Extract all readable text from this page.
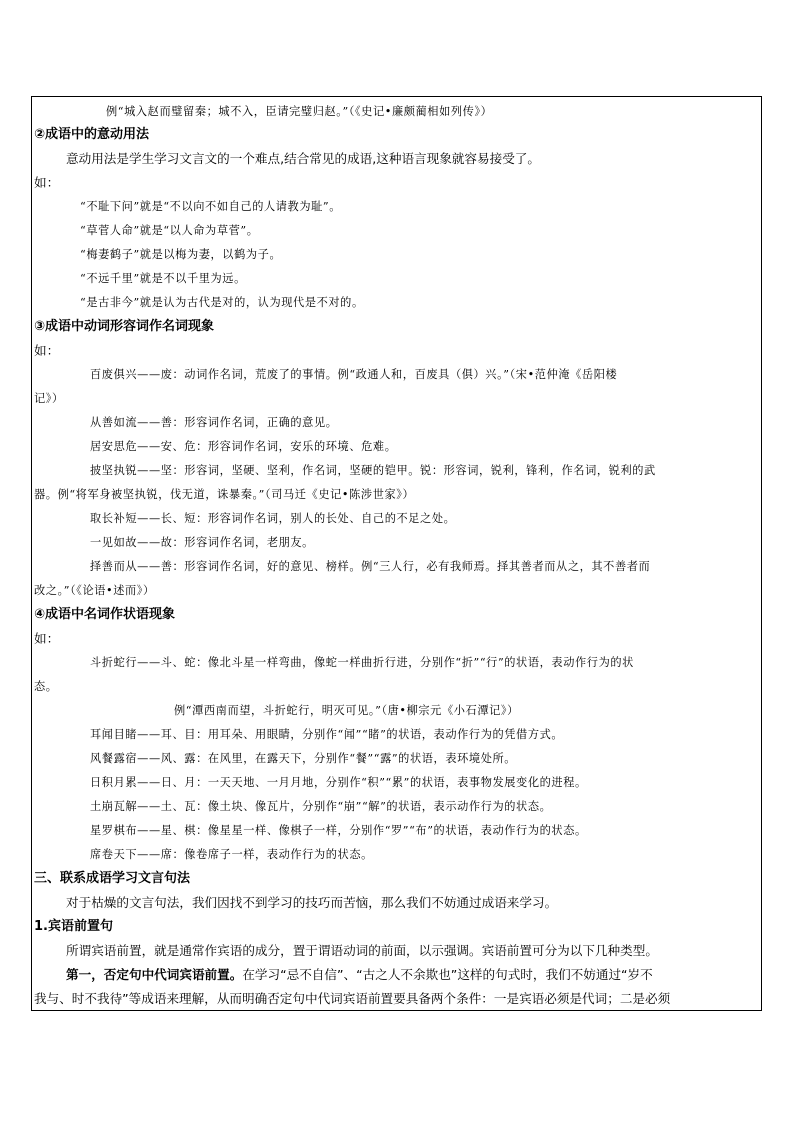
例“城入赵而璧留秦；城不入，臣请完璧归赵。”（《史记•廉颇蔺相如列传》）
②成语中的意动用法
意动用法是学生学习文言文的一个难点,结合常见的成语,这种语言现象就容易接受了。
如：
“不耻下问”就是“不以向不如自己的人请教为耻”。
“草菅人命”就是“以人命为草菅”。
“梅妻鹤子”就是以梅为妻，以鹤为子。
“不远千里”就是不以千里为远。
“是古非今”就是认为古代是对的，认为现代是不对的。
③成语中动词形容词作名词现象
如：
百废俱兴——废：动词作名词，荒废了的事情。例“政通人和，百废具（俱）兴。”（宋•范仲淹《岳阳楼
记》）
从善如流——善：形容词作名词，正确的意见。
居安思危——安、危：形容词作名词，安乐的环境、危难。
披坚执锐——坚：形容词，坚硬、坚利，作名词，坚硬的铠甲。锐：形容词，锐利，锋利，作名词，锐利的武
器。例“将军身被坚执锐，伐无道，诛暴秦。”（司马迁《史记•陈涉世家》）
取长补短——长、短：形容词作名词，别人的长处、自己的不足之处。
一见如故——故：形容词作名词，老朋友。
择善而从——善：形容词作名词，好的意见、榜样。例“三人行，必有我师焉。择其善者而从之，其不善者而
改之。”（《论语•述而》）
④成语中名词作状语现象
如：
斗折蛇行——斗、蛇：像北斗星一样弯曲，像蛇一样曲折行进，分别作“折”“行”的状语，表动作行为的状
态。
例“潭西南而望，斗折蛇行，明灭可见。”（唐•柳宗元《小石潭记》）
耳闻目睹——耳、目：用耳朵、用眼睛，分别作“闻”“睹”的状语，表动作行为的凭借方式。
风餐露宿——风、露：在风里，在露天下，分别作“餐”“露”的状语，表环境处所。
日积月累——日、月：一天天地、一月月地，分别作“积”“累”的状语，表事物发展变化的进程。
土崩瓦解——土、瓦：像土块、像瓦片，分别作“崩”“解”的状语，表示动作行为的状态。
星罗棋布——星、棋：像星星一样、像棋子一样，分别作“罗”“布”的状语，表动作行为的状态。
席卷天下——席：像卷席子一样，表动作行为的状态。
三、联系成语学习文言句法
对于枯燥的文言句法，我们因找不到学习的技巧而苦恼，那么我们不妨通过成语来学习。
1.宾语前置句
所谓宾语前置，就是通常作宾语的成分，置于谓语动词的前面，以示强调。宾语前置可分为以下几种类型。
第一，否定句中代词宾语前置。在学习“忌不自信”、“古之人不余欺也”这样的句式时，我们不妨通过“岁不
我与、时不我待”等成语来理解，从而明确否定句中代词宾语前置要具备两个条件：一是宾语必须是代词；二是必须
